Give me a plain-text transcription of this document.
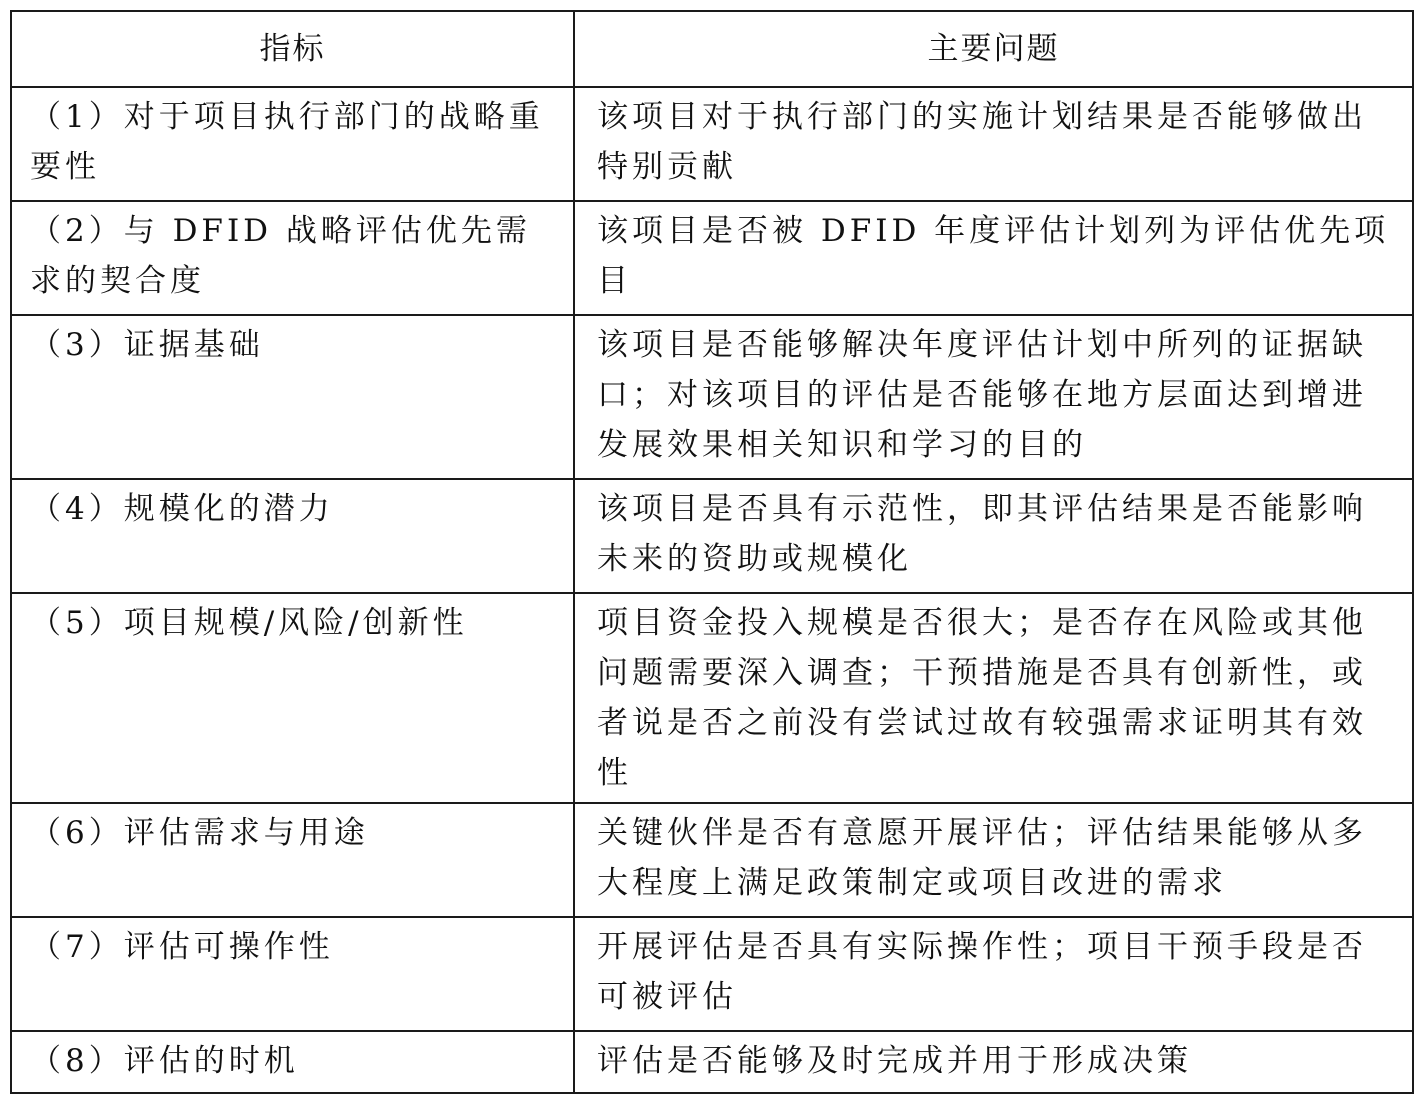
指标	主要问题
（1）对于项目执行部门的战略重要性	该项目对于执行部门的实施计划结果是否能够做出特别贡献
（2）与 DFID 战略评估优先需求的契合度	该项目是否被 DFID 年度评估计划列为评估优先项目
（3）证据基础	该项目是否能够解决年度评估计划中所列的证据缺口；对该项目的评估是否能够在地方层面达到增进发展效果相关知识和学习的目的
（4）规模化的潜力	该项目是否具有示范性，即其评估结果是否能影响未来的资助或规模化
（5）项目规模/风险/创新性	项目资金投入规模是否很大；是否存在风险或其他问题需要深入调查；干预措施是否具有创新性，或者说是否之前没有尝试过故有较强需求证明其有效性
（6）评估需求与用途	关键伙伴是否有意愿开展评估；评估结果能够从多大程度上满足政策制定或项目改进的需求
（7）评估可操作性	开展评估是否具有实际操作性；项目干预手段是否可被评估
（8）评估的时机	评估是否能够及时完成并用于形成决策
